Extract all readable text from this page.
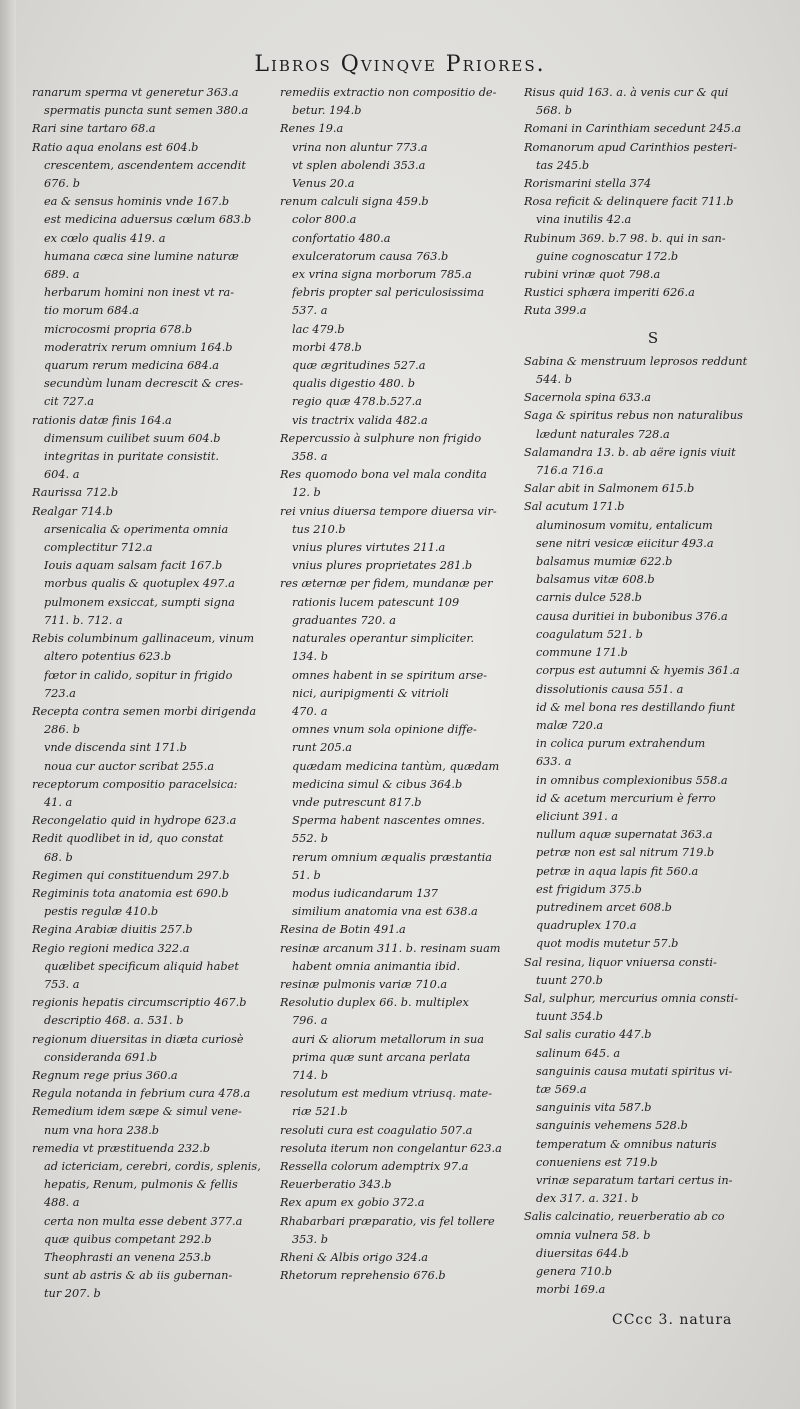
Libros Qvinqve Priores.
ranarum sperma vt generetur 363.a
spermatis puncta sunt semen 380.a
Rari sine tartaro 68.a
Ratio aqua enolans est 604.b
crescentem, ascendentem accendit
676. b
ea & sensus hominis vnde 167.b
est medicina aduersus cœlum 683.b
ex cœlo qualis 419. a
humana cæca sine lumine naturæ
689. a
herbarum homini non inest vt ra-
tio morum 684.a
microcosmi propria 678.b
moderatrix rerum omnium 164.b
quarum rerum medicina 684.a
secundùm lunam decrescit & cres-
cit 727.a
rationis datæ finis 164.a
dimensum cuilibet suum 604.b
integritas in puritate consistit.
604. a
Raurissa 712.b
Realgar 714.b
arsenicalia & operimenta omnia
complectitur 712.a
Iouis aquam salsam facit 167.b
morbus qualis & quotuplex 497.a
pulmonem exsiccat, sumpti signa
711. b. 712. a
Rebis columbinum gallinaceum, vinum
altero potentius 623.b
fœtor in calido, sopitur in frigido
723.a
Recepta contra semen morbi dirigenda
286. b
vnde discenda sint 171.b
noua cur auctor scribat 255.a
receptorum compositio paracelsica:
41. a
Recongelatio quid in hydrope 623.a
Redit quodlibet in id, quo constat
68. b
Regimen qui constituendum 297.b
Regiminis tota anatomia est 690.b
pestis regulæ 410.b
Regina Arabiæ diuitis 257.b
Regio regioni medica 322.a
quælibet specificum aliquid habet
753. a
regionis hepatis circumscriptio 467.b
descriptio 468. a. 531. b
regionum diuersitas in diæta curiosè
consideranda 691.b
Regnum rege prius 360.a
Regula notanda in febrium cura 478.a
Remedium idem sæpe & simul vene-
num vna hora 238.b
remedia vt præstituenda 232.b
ad ictericiam, cerebri, cordis, splenis,
hepatis, Renum, pulmonis & fellis
488. a
certa non multa esse debent 377.a
quæ quibus competant 292.b
Theophrasti an venena 253.b
sunt ab astris & ab iis gubernan-
tur 207. b
remediis extractio non compositio de-
betur. 194.b
Renes 19.a
vrina non aluntur 773.a
vt splen abolendi 353.a
Venus 20.a
renum calculi signa 459.b
color 800.a
confortatio 480.a
exulceratorum causa 763.b
ex vrina signa morborum 785.a
febris propter sal periculosissima
537. a
lac 479.b
morbi 478.b
quæ ægritudines 527.a
qualis digestio 480. b
regio quæ 478.b.527.a
vis tractrix valida 482.a
Repercussio à sulphure non frigido
358. a
Res quomodo bona vel mala condita
12. b
rei vnius diuersa tempore diuersa vir-
tus 210.b
vnius plures virtutes 211.a
vnius plures proprietates 281.b
res æternæ per fidem, mundanæ per
rationis lucem patescunt 109
graduantes 720. a
naturales operantur simpliciter.
134. b
omnes habent in se spiritum arse-
nici, auripigmenti & vitrioli
470. a
omnes vnum sola opinione diffe-
runt 205.a
quædam medicina tantùm, quædam
medicina simul & cibus 364.b
vnde putrescunt 817.b
Sperma habent nascentes omnes.
552. b
rerum omnium æqualis præstantia
51. b
modus iudicandarum 137
similium anatomia vna est 638.a
Resina de Botin 491.a
resinæ arcanum 311. b. resinam suam
habent omnia animantia ibid.
resinæ pulmonis variæ 710.a
Resolutio duplex 66. b. multiplex
796. a
auri & aliorum metallorum in sua
prima quæ sunt arcana perlata
714. b
resolutum est medium vtriusq. mate-
riæ 521.b
resoluti cura est coagulatio 507.a
resoluta iterum non congelantur 623.a
Ressella colorum ademptrix 97.a
Reuerberatio 343.b
Rex apum ex gobio 372.a
Rhabarbari præparatio, vis fel tollere
353. b
Rheni & Albis origo 324.a
Rhetorum reprehensio 676.b
Risus quid 163. a. à venis cur & qui
568. b
Romani in Carinthiam secedunt 245.a
Romanorum apud Carinthios pesteri-
tas 245.b
Rorismarini stella 374
Rosa reficit & delinquere facit 711.b
vina inutilis 42.a
Rubinum 369. b.7 98. b. qui in san-
guine cognoscatur 172.b
rubini vrinæ quot 798.a
Rustici sphæra imperiti 626.a
Ruta 399.a
S
Sabina & menstruum leprosos reddunt
544. b
Sacernola spina 633.a
Saga & spiritus rebus non naturalibus
lædunt naturales 728.a
Salamandra 13. b. ab aëre ignis viuit
716.a 716.a
Salar abit in Salmonem 615.b
Sal acutum 171.b
aluminosum vomitu, entalicum
sene nitri vesicæ eiicitur 493.a
balsamus mumiæ 622.b
balsamus vitæ 608.b
carnis dulce 528.b
causa duritiei in bubonibus 376.a
coagulatum 521. b
commune 171.b
corpus est autumni & hyemis 361.a
dissolutionis causa 551. a
id & mel bona res destillando fiunt
malæ 720.a
in colica purum extrahendum
633. a
in omnibus complexionibus 558.a
id & acetum mercurium è ferro
eliciunt 391. a
nullum aquæ supernatat 363.a
petræ non est sal nitrum 719.b
petræ in aqua lapis fit 560.a
est frigidum 375.b
putredinem arcet 608.b
quadruplex 170.a
quot modis mutetur 57.b
Sal resina, liquor vniuersa consti-
tuunt 270.b
Sal, sulphur, mercurius omnia consti-
tuunt 354.b
Sal salis curatio 447.b
salinum 645. a
sanguinis causa mutati spiritus vi-
tæ 569.a
sanguinis vita 587.b
sanguinis vehemens 528.b
temperatum & omnibus naturis
conueniens est 719.b
vrinæ separatum tartari certus in-
dex 317. a. 321. b
Salis calcinatio, reuerberatio ab co
omnia vulnera 58. b
diuersitas 644.b
genera 710.b
morbi 169.a
CCcc 3. natura
